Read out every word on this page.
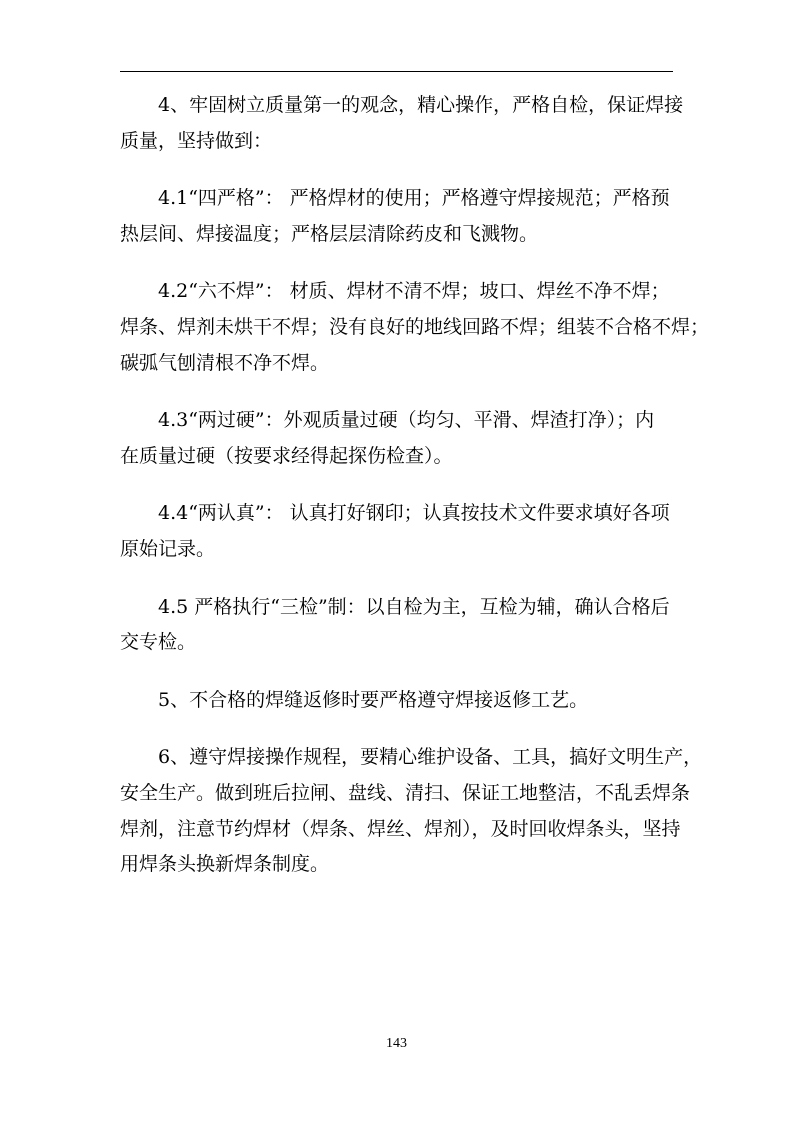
4、牢固树立质量第一的观念，精心操作，严格自检，保证焊接
质量，坚持做到：

4.1“四严格”： 严格焊材的使用；严格遵守焊接规范；严格预
热层间、焊接温度；严格层层清除药皮和飞溅物。

4.2“六不焊”： 材质、焊材不清不焊；坡口、焊丝不净不焊；
焊条、焊剂未烘干不焊；没有良好的地线回路不焊；组装不合格不焊；
碳弧气刨清根不净不焊。

4.3“两过硬”：外观质量过硬（均匀、平滑、焊渣打净）；内
在质量过硬（按要求经得起探伤检查）。

4.4“两认真”： 认真打好钢印；认真按技术文件要求填好各项
原始记录。

4.5 严格执行“三检”制：以自检为主，互检为辅，确认合格后
交专检。

5、不合格的焊缝返修时要严格遵守焊接返修工艺。

6、遵守焊接操作规程，要精心维护设备、工具，搞好文明生产，
安全生产。做到班后拉闸、盘线、清扫、保证工地整洁，不乱丢焊条
焊剂，注意节约焊材（焊条、焊丝、焊剂），及时回收焊条头，坚持
用焊条头换新焊条制度。

143
